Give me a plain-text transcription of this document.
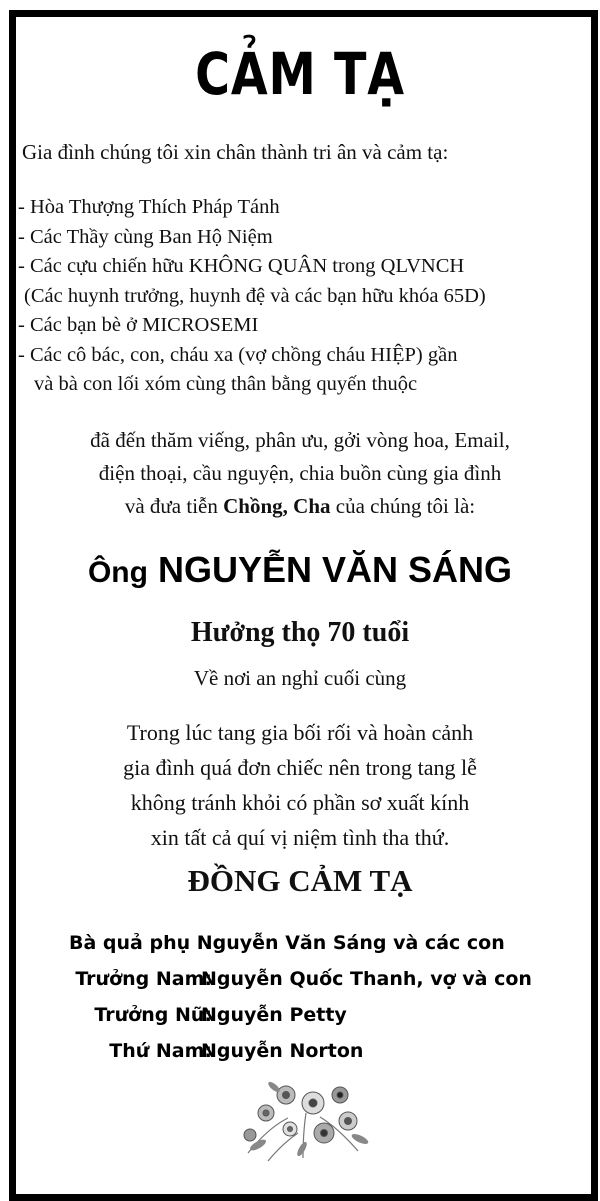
CẢM TẠ
Gia đình chúng tôi xin chân thành tri ân và cảm tạ:
- Hòa Thượng Thích Pháp Tánh
- Các Thầy cùng Ban Hộ Niệm
- Các cựu chiến hữu KHÔNG QUÂN trong QLVNCH
(Các huynh trưởng, huynh đệ và các bạn hữu khóa 65D)
- Các bạn bè ở MICROSEMI
- Các cô bác, con, cháu xa (vợ chồng cháu HIỆP) gần
và bà con lối xóm cùng thân bằng quyến thuộc
đã đến thăm viếng, phân ưu, gởi vòng hoa, Email,
điện thoại, cầu nguyện, chia buồn cùng gia đình
và đưa tiễn Chồng, Cha của chúng tôi là:
Ông NGUYỄN VĂN SÁNG
Hưởng thọ 70 tuổi
Về nơi an nghỉ cuối cùng
Trong lúc tang gia bối rối và hoàn cảnh
gia đình quá đơn chiếc nên trong tang lễ
không tránh khỏi có phần sơ xuất kính
xin tất cả quí vị niệm tình tha thứ.
ĐỒNG CẢM TẠ
Bà quả phụ Nguyễn Văn Sáng và các con
Trưởng Nam:
Nguyễn Quốc Thanh, vợ và con
Trưởng Nữ:
Nguyễn Petty
Thứ Nam:
Nguyễn Norton
